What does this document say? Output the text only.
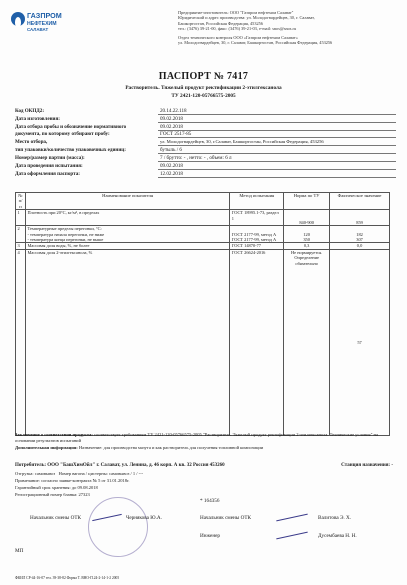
ГАЗПРОМ
НЕФТЕХИМ
САЛАВАТ
Предприятие-изготовитель: ООО "Газпром нефтехим Салават"
Юридический и адрес производства: ул. Молодогвардейцев, 30, г. Салават,
Башкортостан, Российская Федерация, 453256
тел.: (3476) 39-21-00, факс: (3476) 39-21-03, e-mail: snos@snos.ru
Отдел технического контроля ООО «Газпром нефтехим Салават»
ул. Молодогвардейцев, 30, г. Салават, Башкортостан, Российская Федерация, 453256
ПАСПОРТ № 7417
Растворитель. Тяжелый продукт ректификации 2-этилгексанола
ТУ 2421-120-05766575-2005
Код ОКПД2:	20.14.22.118
Дата изготовления:	09.02.2018
Дата отбора пробы и обозначение нормативного	09.02.2018
документа, по которому отбирают пробу:	ГОСТ 2517-85
Место отбора,	ул. Молодогвардейцев, 30, г.Салават, Башкортостан, Российская Федерация, 453256
тип упаковки/количество упаковочных единиц:	бутыль / 6
Номер/размер партии (масса):	7 / брутто: - , нетто: - , объем: 6 л
Дата проведения испытания:	09.02.2018
Дата оформления паспорта:	12.02.2018
№ п/п	Наименование показателя	Метод испытания	Норма по ТУ	Фактическое значение
1	Плотность при 20°С, кг/м³, в пределах	ГОСТ 18995.1-73, раздел 1	840-900	859
2	Температурные пределы перегонки, °С:			
	- температура начала перегонки, не ниже	ГОСТ 2177-99, метод А	120	182
	- температура конца перегонки, не выше	ГОСТ 2177-99, метод А	350	307
3	Массовая доля воды, %, не более	ГОСТ 14870-77	0,3	0,0
4	Массовая доля 2-этилгексанола, %	ГОСТ 26624-2016	Не нормируется. Определение обязательно	57
Заключение о соответствии продукта: соответствует требованиям ТУ 2421-120-05766575-2005 "Растворитель. Тяжелый продукт ректификации 2-этилгексанола. Технические условия" на основании результатов испытаний
Дополнительная информация: Назначение: для производства мазута и как растворитель для получения топливной композиции
Потребитель: ООО "БашХимОйл" г. Салават, ул. Ленина, д. 46 корп. А кв. 32 Россия 453260	Станция назначения: -
Отгрузка: самовывоз Номер вагона / цистерны: самовывоз / 1 / ---
Примечание: согласно заявке-контракта № 5 от 31.01.2018г.
Гарантийный срок хранения: до 09.08.2018
Регистрационный номер бланка: 27323
* 164356
Начальник смены ОТК	Чернякова Ю.А.	Начальник смены ОТК	Валитова Э. Х.
Инженер	Дусембаева Н. Н.
МП
ФКИЛ СР-44-16-07 тел. 39-38-82 Форма Т. ВНО-П.24-2-14-1-2 2005
